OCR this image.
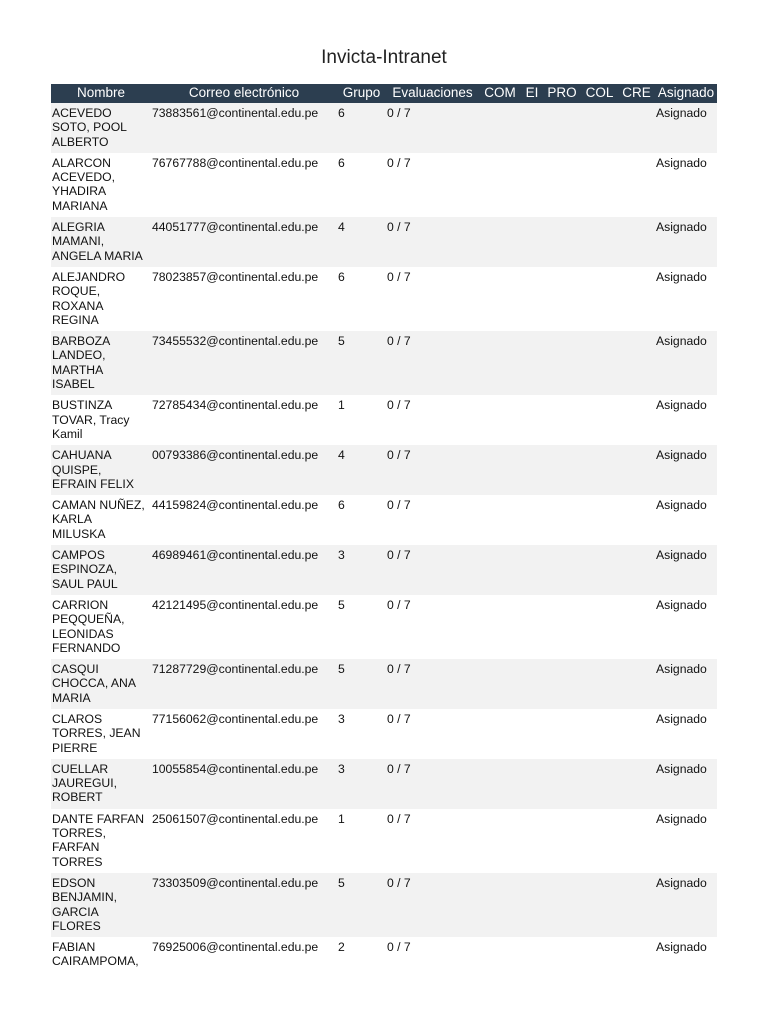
Invicta-Intranet
Nombre	Correo electrónico	Grupo	Evaluaciones	COM	EI	PRO	COL	CRE	Asignado
ACEVEDO SOTO, POOL ALBERTO	73883561@continental.edu.pe	6	0 / 7						Asignado
ALARCON ACEVEDO, YHADIRA MARIANA	76767788@continental.edu.pe	6	0 / 7						Asignado
ALEGRIA MAMANI, ANGELA MARIA	44051777@continental.edu.pe	4	0 / 7						Asignado
ALEJANDRO ROQUE, ROXANA REGINA	78023857@continental.edu.pe	6	0 / 7						Asignado
BARBOZA LANDEO, MARTHA ISABEL	73455532@continental.edu.pe	5	0 / 7						Asignado
BUSTINZA TOVAR, Tracy Kamil	72785434@continental.edu.pe	1	0 / 7						Asignado
CAHUANA QUISPE, EFRAIN FELIX	00793386@continental.edu.pe	4	0 / 7						Asignado
CAMAN NUÑEZ, KARLA MILUSKA	44159824@continental.edu.pe	6	0 / 7						Asignado
CAMPOS ESPINOZA, SAUL PAUL	46989461@continental.edu.pe	3	0 / 7						Asignado
CARRION PEQQUEÑA, LEONIDAS FERNANDO	42121495@continental.edu.pe	5	0 / 7						Asignado
CASQUI CHOCCA, ANA MARIA	71287729@continental.edu.pe	5	0 / 7						Asignado
CLAROS TORRES, JEAN PIERRE	77156062@continental.edu.pe	3	0 / 7						Asignado
CUELLAR JAUREGUI, ROBERT	10055854@continental.edu.pe	3	0 / 7						Asignado
DANTE FARFAN TORRES, FARFAN TORRES	25061507@continental.edu.pe	1	0 / 7						Asignado
EDSON BENJAMIN, GARCIA FLORES	73303509@continental.edu.pe	5	0 / 7						Asignado
FABIAN CAIRAMPOMA,	76925006@continental.edu.pe	2	0 / 7						Asignado
